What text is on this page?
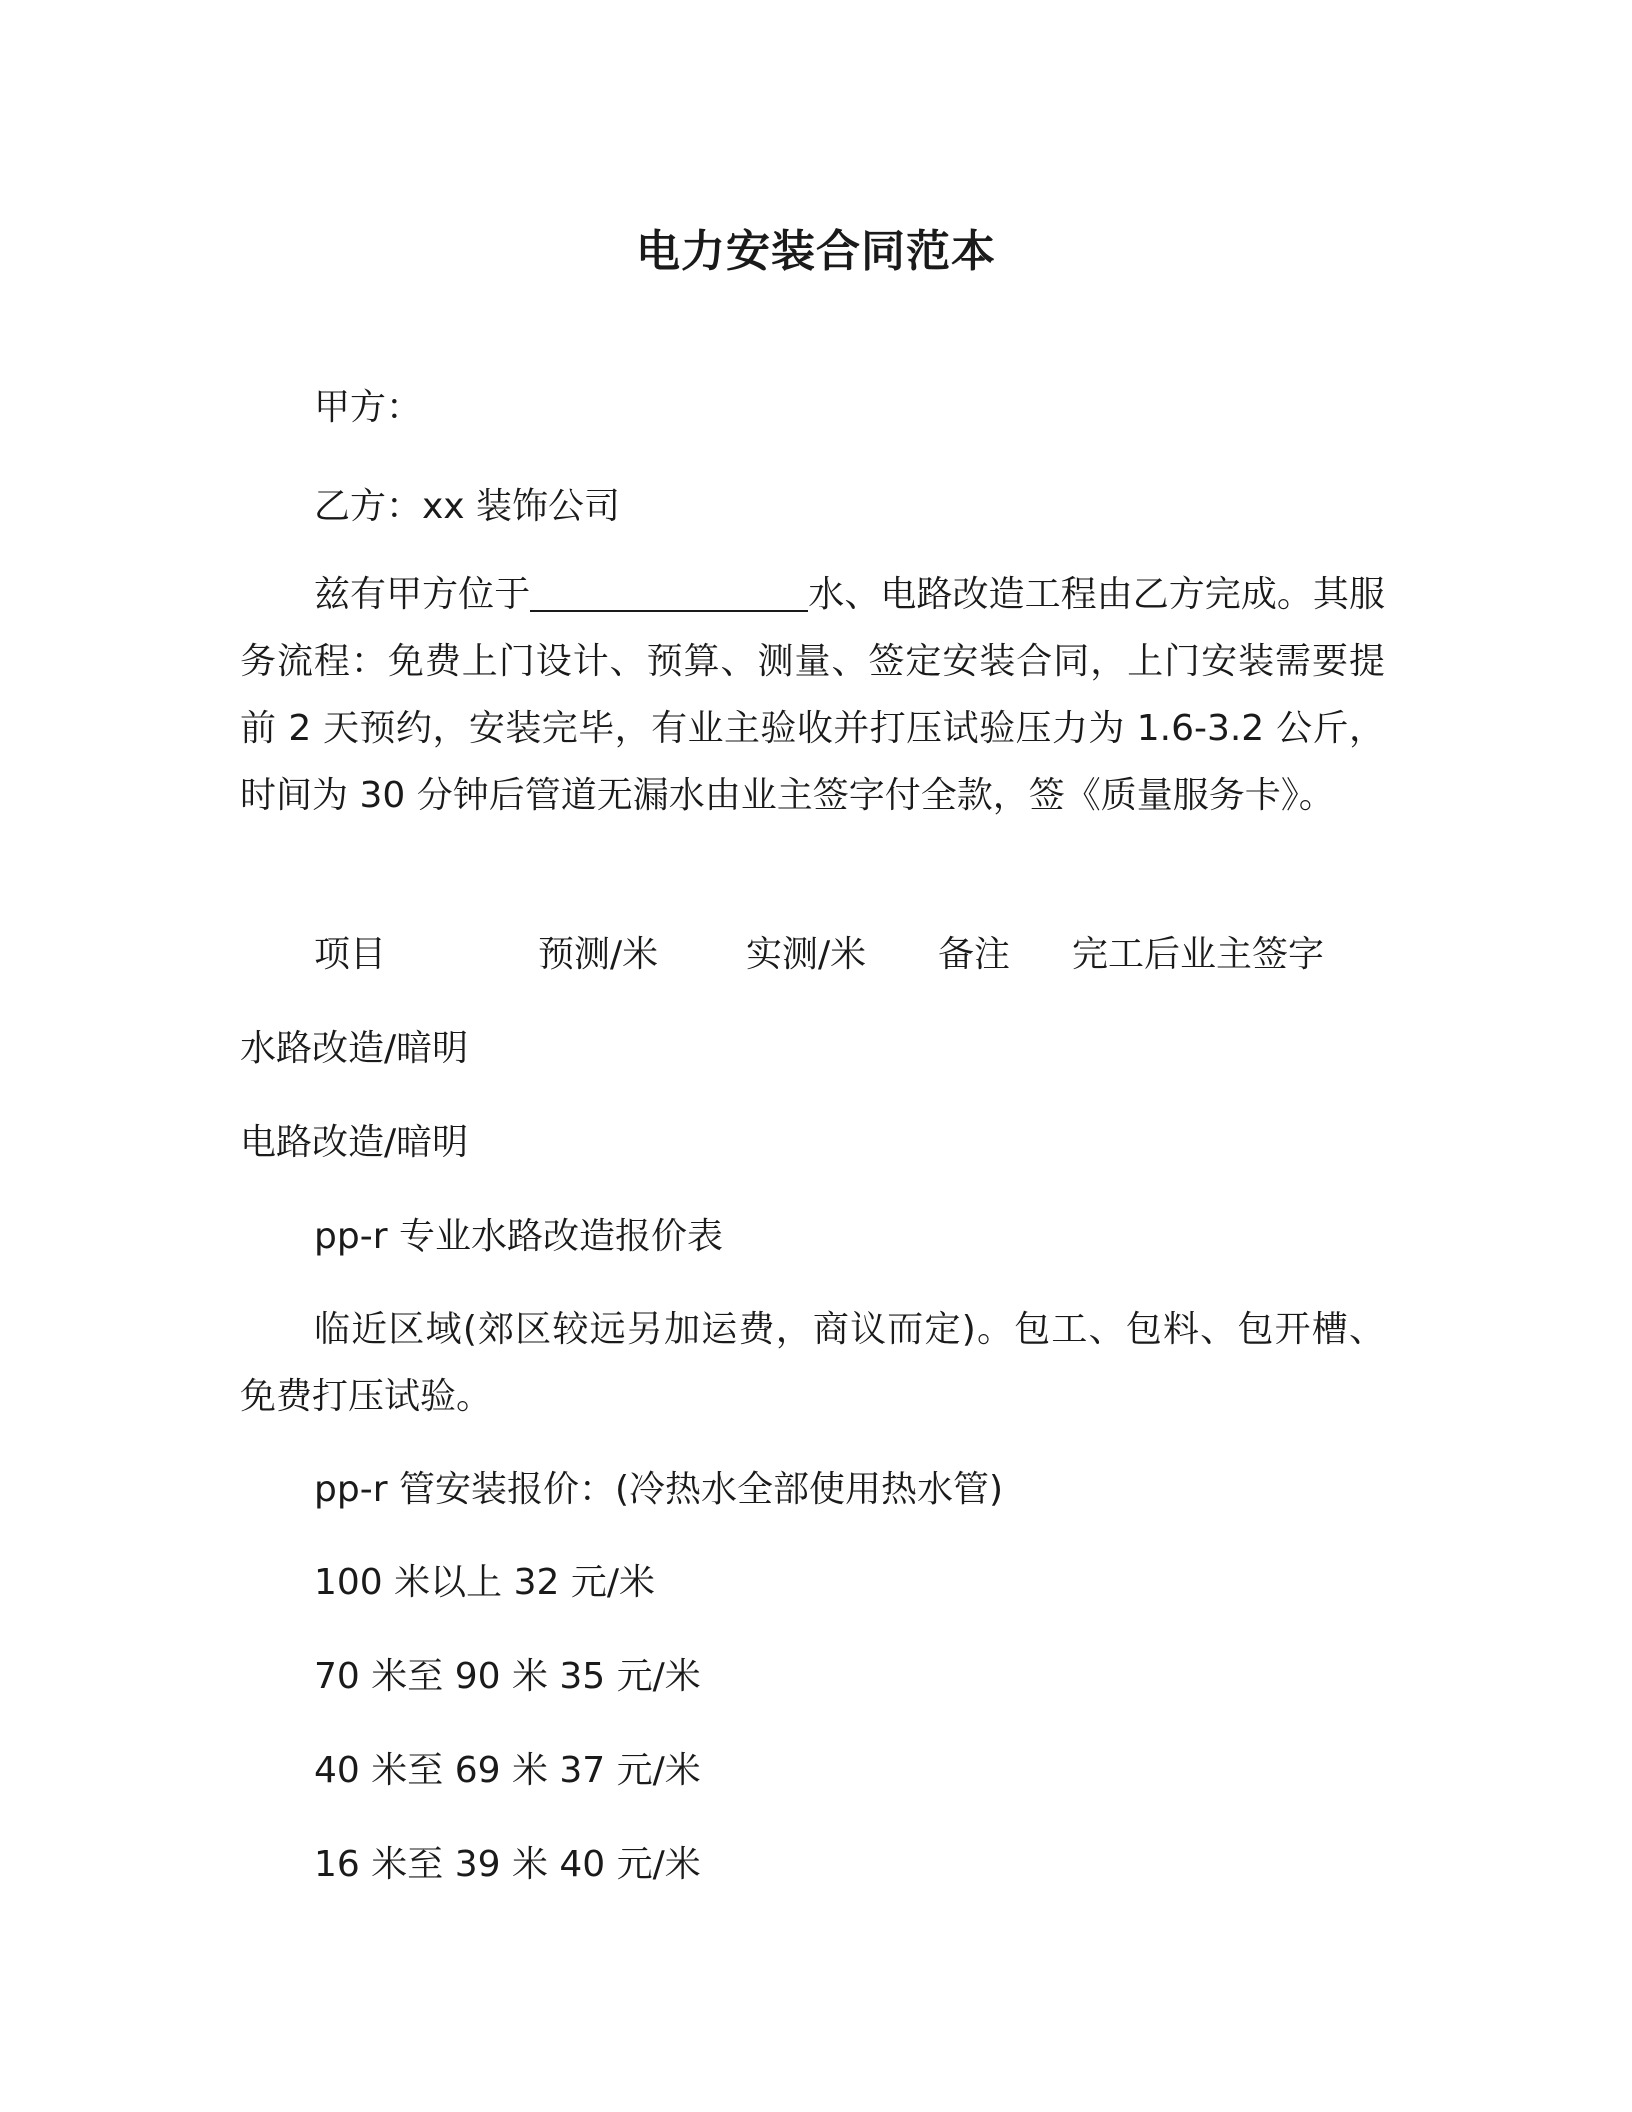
电力安装合同范本
甲方：
乙方：xx 装饰公司
兹有甲方位于	水、电路改造工程由乙方完成。其服务流程：免费上门设计、预算、测量、签定安装合同，上门安装需要提前 2 天预约，安装完毕，有业主验收并打压试验压力为 1.6-3.2 公斤，时间为 30 分钟后管道无漏水由业主签字付全款，签《质量服务卡》。
项目	预测/米 实测/米 备注 完工后业主签字
水路改造/暗明
电路改造/暗明
pp-r 专业水路改造报价表
临近区域(郊区较远另加运费，商议而定)。包工、包料、包开槽、免费打压试验。
pp-r 管安装报价：(冷热水全部使用热水管)
100 米以上 32 元/米
70 米至 90 米 35 元/米
40 米至 69 米 37 元/米
16 米至 39 米 40 元/米
